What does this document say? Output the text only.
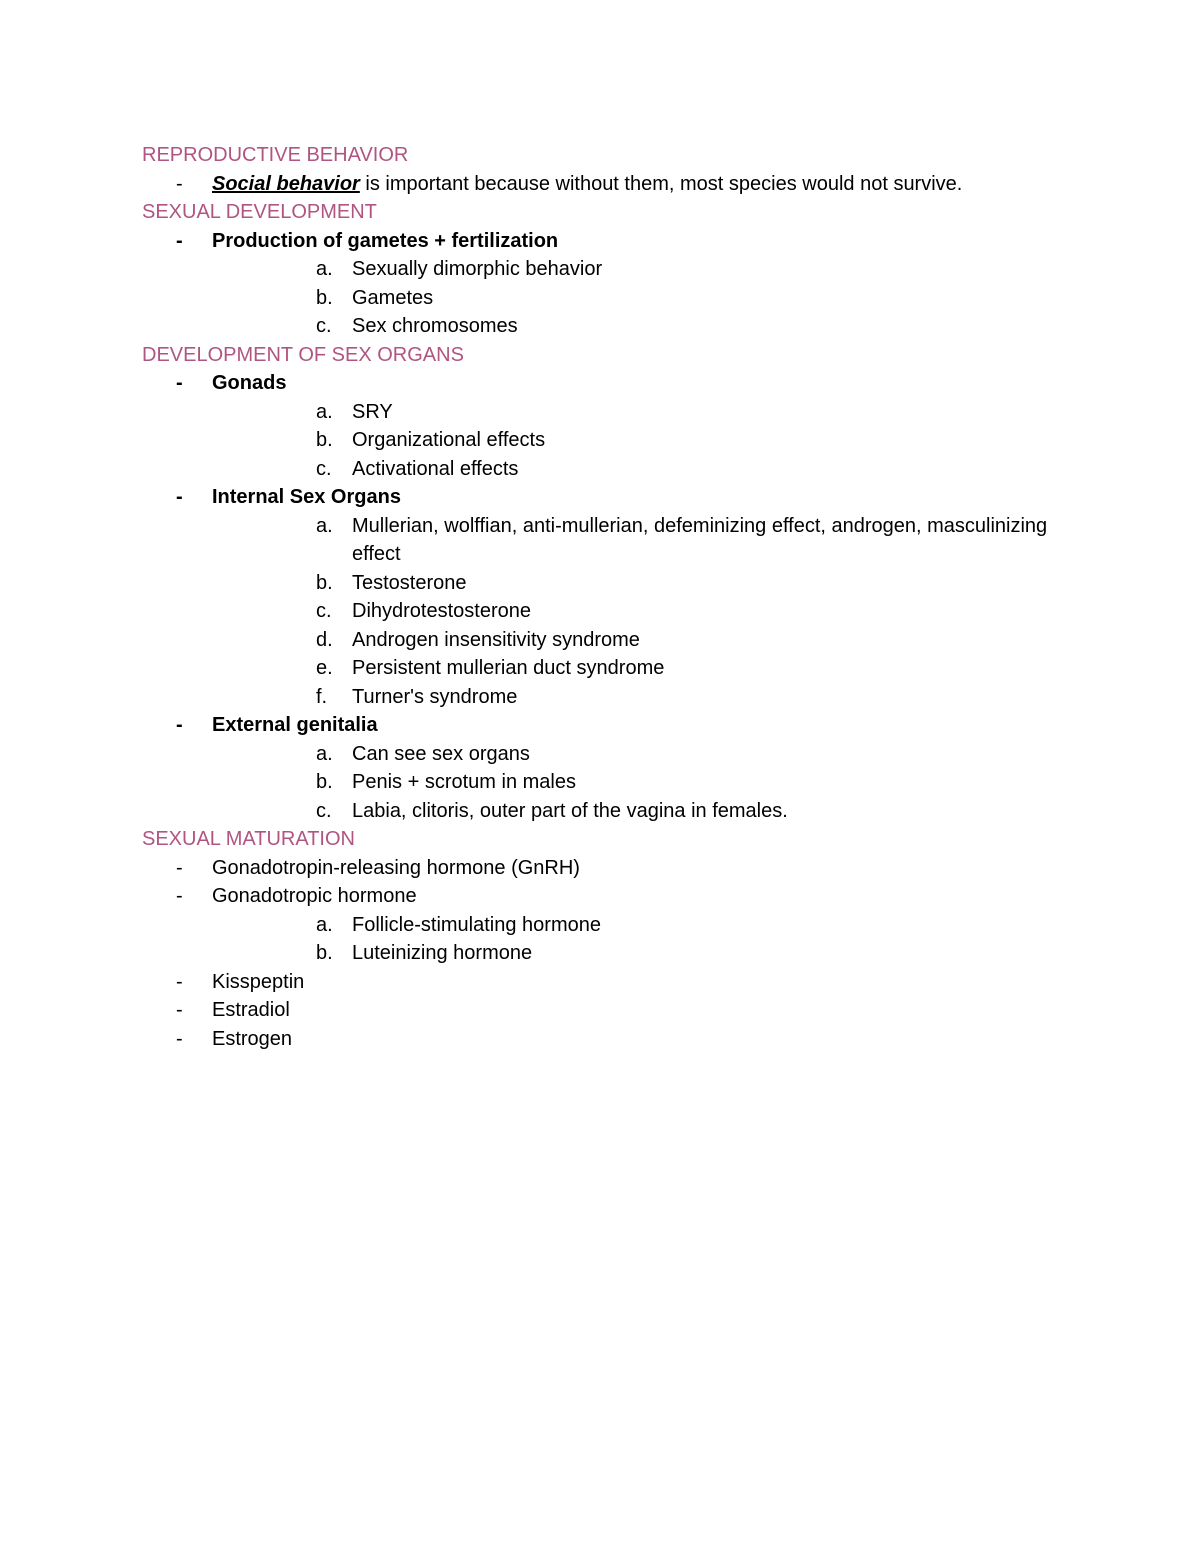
REPRODUCTIVE BEHAVIOR
- Social behavior is important because without them, most species would not survive.
SEXUAL DEVELOPMENT
- Production of gametes + fertilization
a. Sexually dimorphic behavior
b. Gametes
c. Sex chromosomes
DEVELOPMENT OF SEX ORGANS
- Gonads
a. SRY
b. Organizational effects
c. Activational effects
- Internal Sex Organs
a. Mullerian, wolffian, anti-mullerian, defeminizing effect, androgen, masculinizing effect
b. Testosterone
c. Dihydrotestosterone
d. Androgen insensitivity syndrome
e. Persistent mullerian duct syndrome
f. Turner's syndrome
- External genitalia
a. Can see sex organs
b. Penis + scrotum in males
c. Labia, clitoris, outer part of the vagina in females.
SEXUAL MATURATION
- Gonadotropin-releasing hormone (GnRH)
- Gonadotropic hormone
a. Follicle-stimulating hormone
b. Luteinizing hormone
- Kisspeptin
- Estradiol
- Estrogen
